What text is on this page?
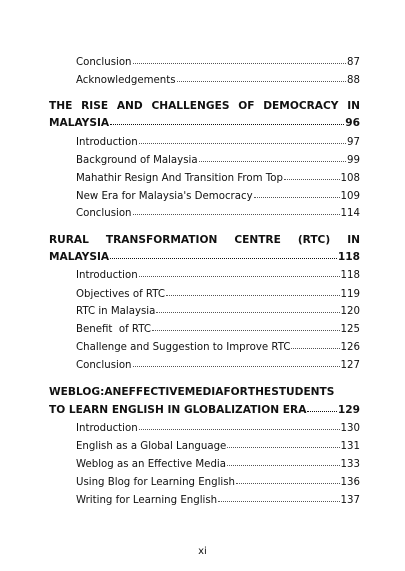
Conclusion	87
Acknowledgements	88
THE RISE AND CHALLENGES OF DEMOCRACY IN
MALAYSIA	96
Introduction	97
Background of Malaysia	99
Mahathir Resign And Transition From Top	108
New Era for Malaysia's Democracy	109
Conclusion	114
RURAL TRANSFORMATION CENTRE (RTC) IN
MALAYSIA	118
Introduction	118
Objectives of RTC	119
RTC in Malaysia	120
Benefit  of RTC	125
Challenge and Suggestion to Improve RTC	126
Conclusion	127
WEBLOG: AN EFFECTIVE MEDIA FOR THE STUDENTS
TO LEARN ENGLISH IN GLOBALIZATION ERA	129
Introduction	130
English as a Global Language	131
Weblog as an Effective Media	133
Using Blog for Learning English	136
Writing for Learning English	137
xi
